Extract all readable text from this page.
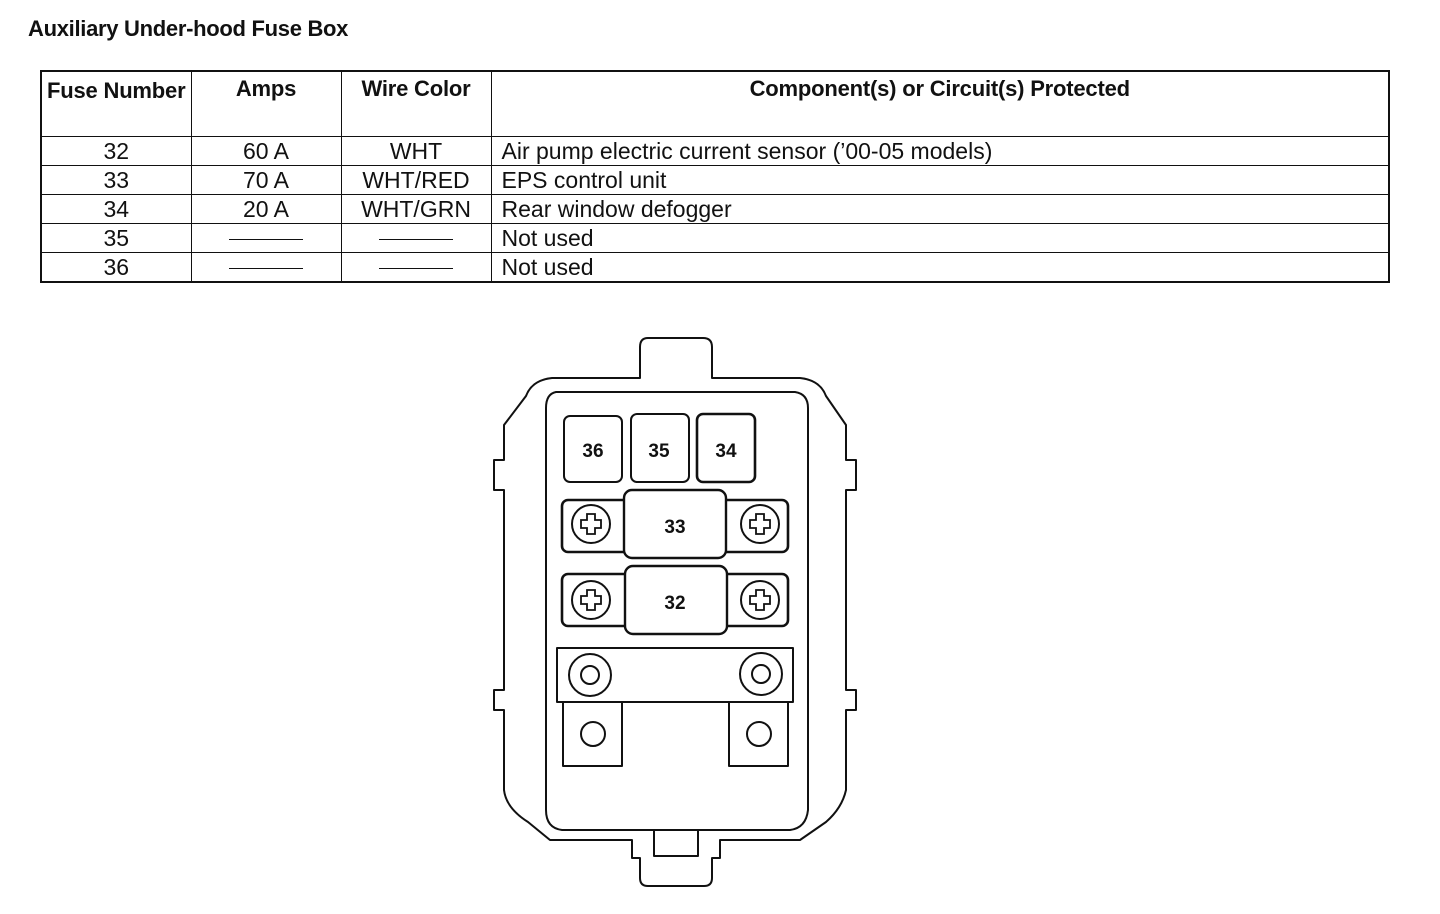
Auxiliary Under-hood Fuse Box
Fuse Number	Amps	Wire Color	Component(s) or Circuit(s) Protected
32	60 A	WHT	Air pump electric current sensor (’00-05 models)
33	70 A	WHT/RED	EPS control unit
34	20 A	WHT/GRN	Rear window defogger
35			Not used
36			Not used
36 35 34
33
32
